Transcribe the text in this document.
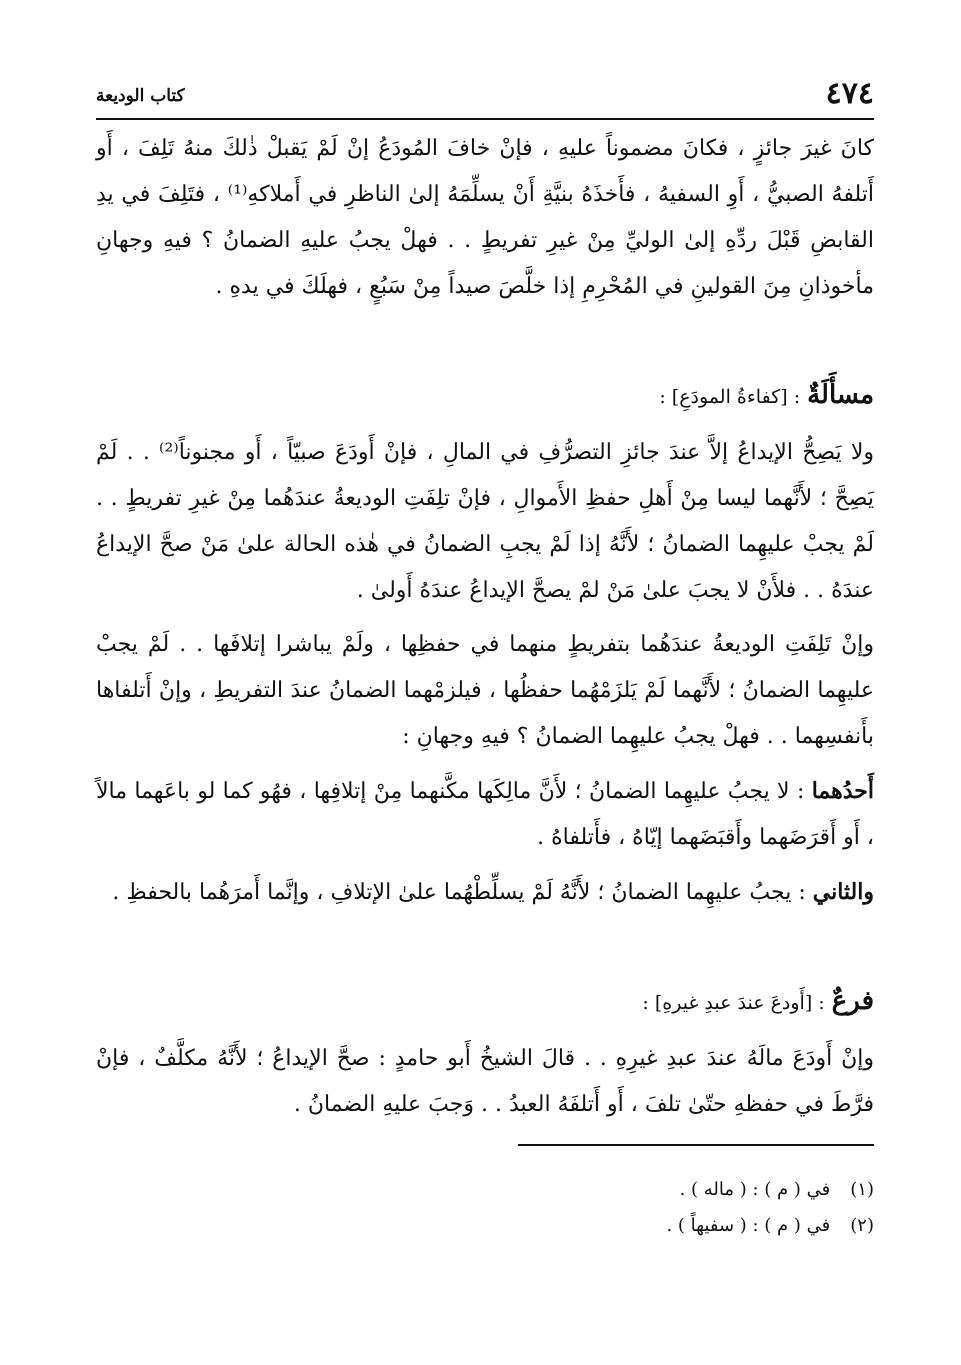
٤٧٤
كتاب الوديعة

كانَ غيرَ جائزٍ ، فكانَ مضموناً عليهِ ، فإنْ خافَ المُودَعُ إنْ لَمْ يَقبلْ ذٰلكَ منهُ تَلِفَ ، أَو أَتلفهُ الصبيُّ ، أَوِ السفيهُ ، فأَخذَهُ بنيَّةِ أَنْ يسلِّمَهُ إلىٰ الناظرِ في أَملاكهِ⁽¹⁾ ، فتَلِفَ في يدِ القابضِ قَبْلَ ردِّهِ إلىٰ الوليِّ مِنْ غيرِ تفريطٍ . . فهلْ يجبُ عليهِ الضمانُ ؟ فيهِ وجهانِ مأخوذانِ مِنَ القولينِ في المُحْرِمِ إذا خلَّصَ صيداً مِنْ سَبُعٍ ، فهلَكَ في يدهِ .

مسأَلَةٌ : [كفاءةُ المودَعِ] :

ولا يَصِحُّ الإيداعُ إلاَّ عندَ جائزِ التصرُّفِ في المالِ ، فإنْ أَودَعَ صبيّاً ، أَو مجنوناً⁽²⁾ . . لَمْ يَصِحَّ ؛ لأَنَّهما ليسا مِنْ أَهلِ حفظِ الأَموالِ ، فإنْ تلِفَتِ الوديعةُ عندَهُما مِنْ غيرِ تفريطٍ . . لَمْ يجبْ عليهِما الضمانُ ؛ لأَنَّهُ إذا لَمْ يجبِ الضمانُ في هٰذه الحالة علىٰ مَنْ صحَّ الإيداعُ عندَهُ . . فلأَنْ لا يجبَ علىٰ مَنْ لمْ يصحَّ الإيداعُ عندَهُ أَولىٰ .

وإنْ تَلِفَتِ الوديعةُ عندَهُما بتفريطٍ منهما في حفظِها ، ولَمْ يباشرا إتلافَها . . لَمْ يجبْ عليهِما الضمانُ ؛ لأَنَّهما لَمْ يَلزَمْهُما حفظُها ، فيلزمْهما الضمانُ عندَ التفريطِ ، وإنْ أَتلفاها بأَنفسِهما . . فهلْ يجبُ عليهِما الضمانُ ؟ فيهِ وجهانِ :

أَحدُهما : لا يجبُ عليهِما الضمانُ ؛ لأَنَّ مالِكَها مكَّنهما مِنْ إتلافِها ، فهُو كما لو باعَهما مالاً ، أَو أَقرَضَهما وأَقبَضَهما إيّاهُ ، فأَتلفاهُ .

والثاني : يجبُ عليهِما الضمانُ ؛ لأَنَّهُ لَمْ يسلِّطْهُما علىٰ الإتلافِ ، وإنَّما أَمرَهُما بالحفظِ .

فرعٌ : [أَودعَ عندَ عبدِ غيرهِ] :

وإنْ أَودَعَ مالَهُ عندَ عبدِ غيرِهِ . . قالَ الشيخُ أَبو حامدٍ : صحَّ الإيداعُ ؛ لأَنَّهُ مكلَّفٌ ، فإنْ فرَّطَ في حفظهِ حتّىٰ تلفَ ، أَو أَتلفَهُ العبدُ . . وَجبَ عليهِ الضمانُ .

(١) في ( م ) : ( ماله ) .
(٢) في ( م ) : ( سفيهاً ) .
